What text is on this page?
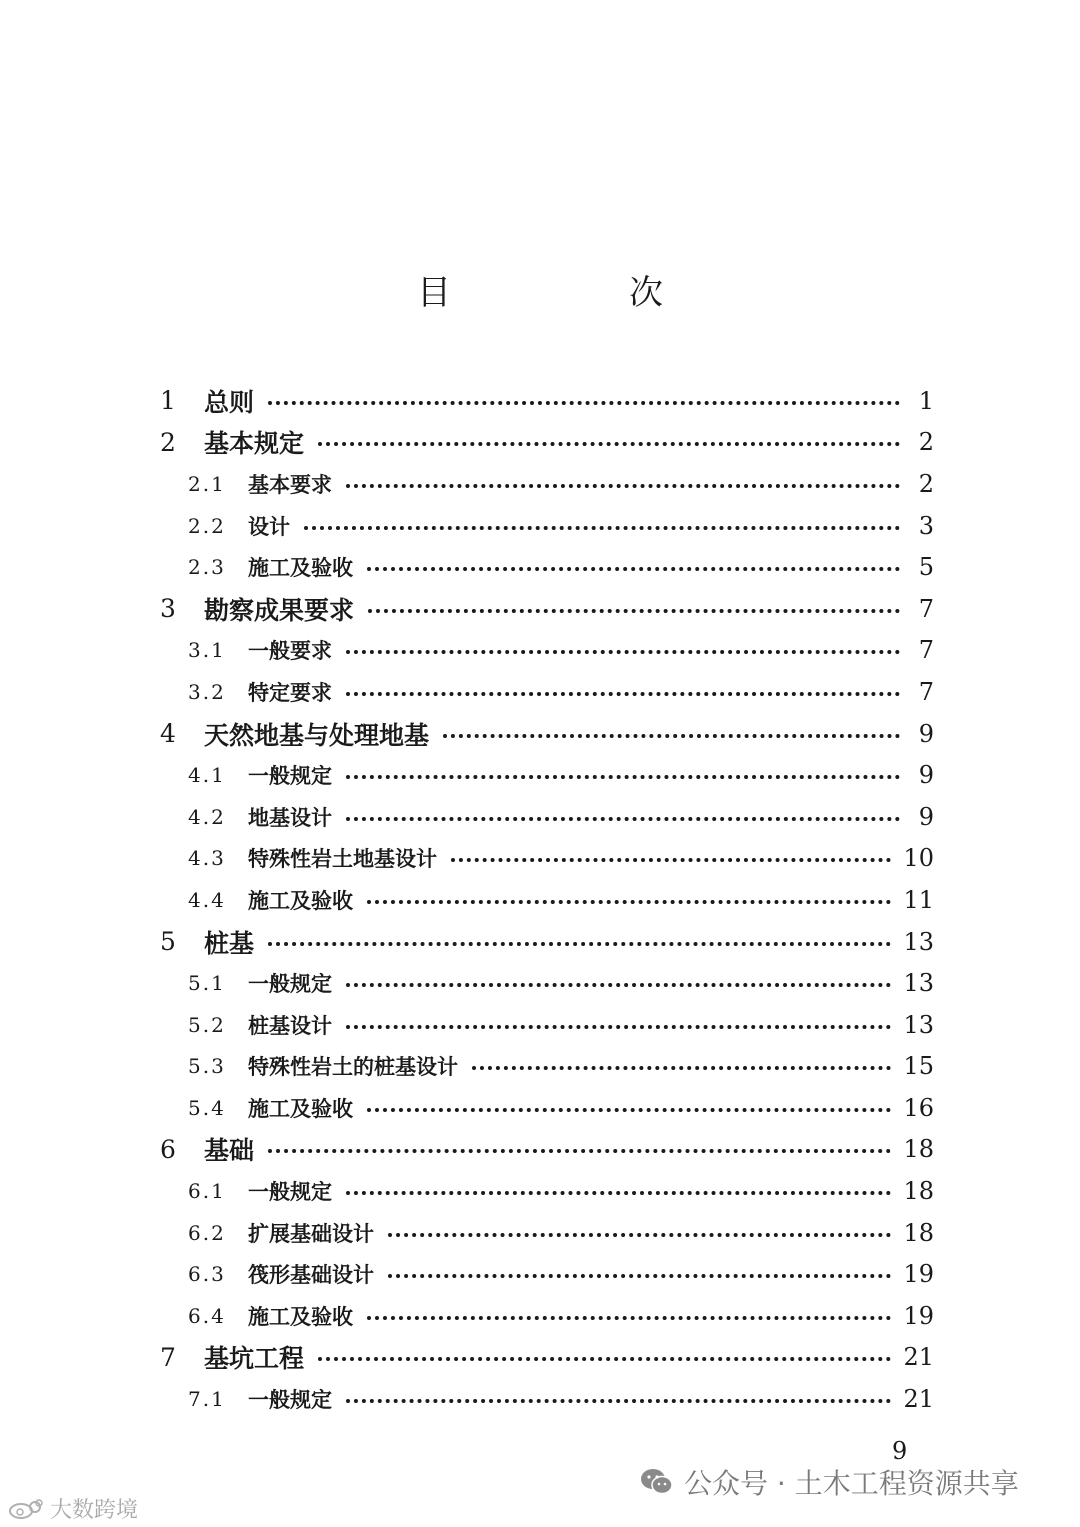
目　次
1	总则	1
2	基本规定	2
2.1	基本要求	2
2.2	设计	3
2.3	施工及验收	5
3	勘察成果要求	7
3.1	一般要求	7
3.2	特定要求	7
4	天然地基与处理地基	9
4.1	一般规定	9
4.2	地基设计	9
4.3	特殊性岩土地基设计	10
4.4	施工及验收	11
5	桩基	13
5.1	一般规定	13
5.2	桩基设计	13
5.3	特殊性岩土的桩基设计	15
5.4	施工及验收	16
6	基础	18
6.1	一般规定	18
6.2	扩展基础设计	18
6.3	筏形基础设计	19
6.4	施工及验收	19
7	基坑工程	21
7.1	一般规定	21
9
公众号 · 土木工程资源共享
大数跨境
